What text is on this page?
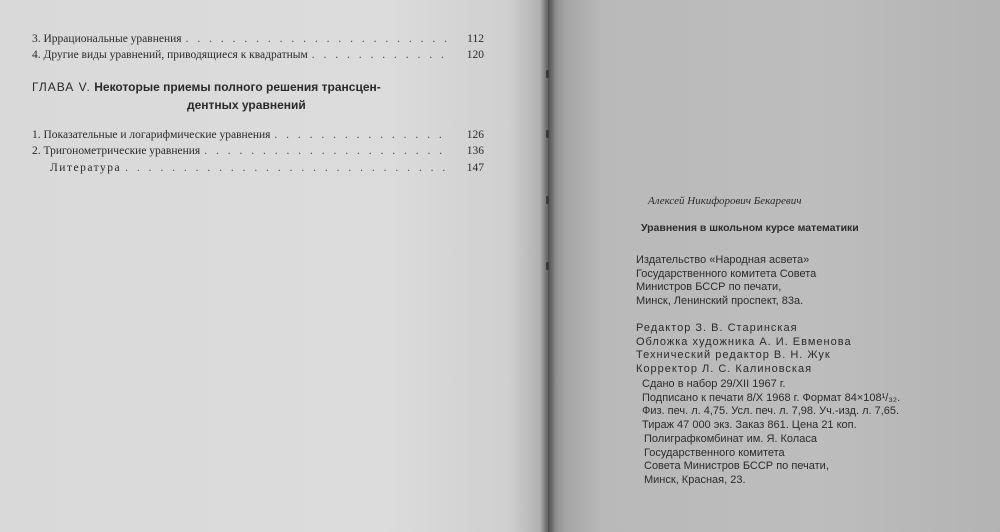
3. Иррациональные уравнения . . .	112
4. Другие виды уравнений, приводящиеся к квадратным . . .	120
ГЛАВА V. Некоторые приемы полного решения трансцен-
дентных уравнений
1. Показательные и логарифмические уравнения . . .	126
2. Тригонометрические уравнения . . .	136
Литература . . .	147
Алексей Никифорович Бекаревич
Уравнения в школьном курсе математики
Издательство «Народная асвета»
Государственного комитета Совета
Министров БССР по печати,
Минск, Ленинский проспект, 83а.
Редактор З. В. Старинская
Обложка художника А. И. Евменова
Технический редактор В. Н. Жук
Корректор Л. С. Калиновская
Сдано в набор 29/XII 1967 г.
Подписано к печати 8/X 1968 г. Формат 84×108¹/₃₂.
Физ. печ. л. 4,75. Усл. печ. л. 7,98. Уч.-изд. л. 7,65.
Тираж 47 000 экз. Заказ 861. Цена 21 коп.
Полиграфкомбинат им. Я. Коласа
Государственного комитета
Совета Министров БССР по печати,
Минск, Красная, 23.
